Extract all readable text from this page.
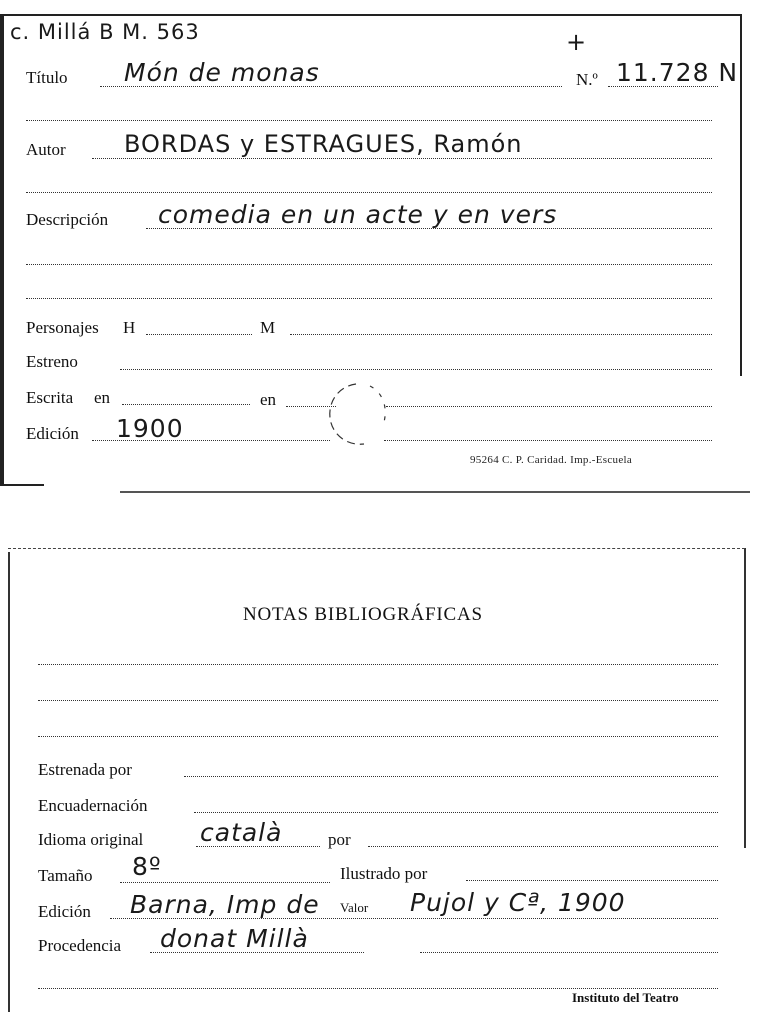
c. Millá B M. 563	+
Título Món de monas	N.º 11.728 N
Autor BORDAS y ESTRAGUES, Ramón
Descripción comedia en un acte y en vers
Personajes H	M
Estreno
Escrita en	en
Edición 1900
95264 C. P. Caridad. Imp.-Escuela
NOTAS BIBLIOGRÁFICAS
Estrenada por
Encuadernación
Idioma original català	por
Tamaño 8º	Ilustrado por
Edición Barna, Imp de Valor Pujol y Cª, 1900
Procedencia donat Millà
Instituto del Teatro
